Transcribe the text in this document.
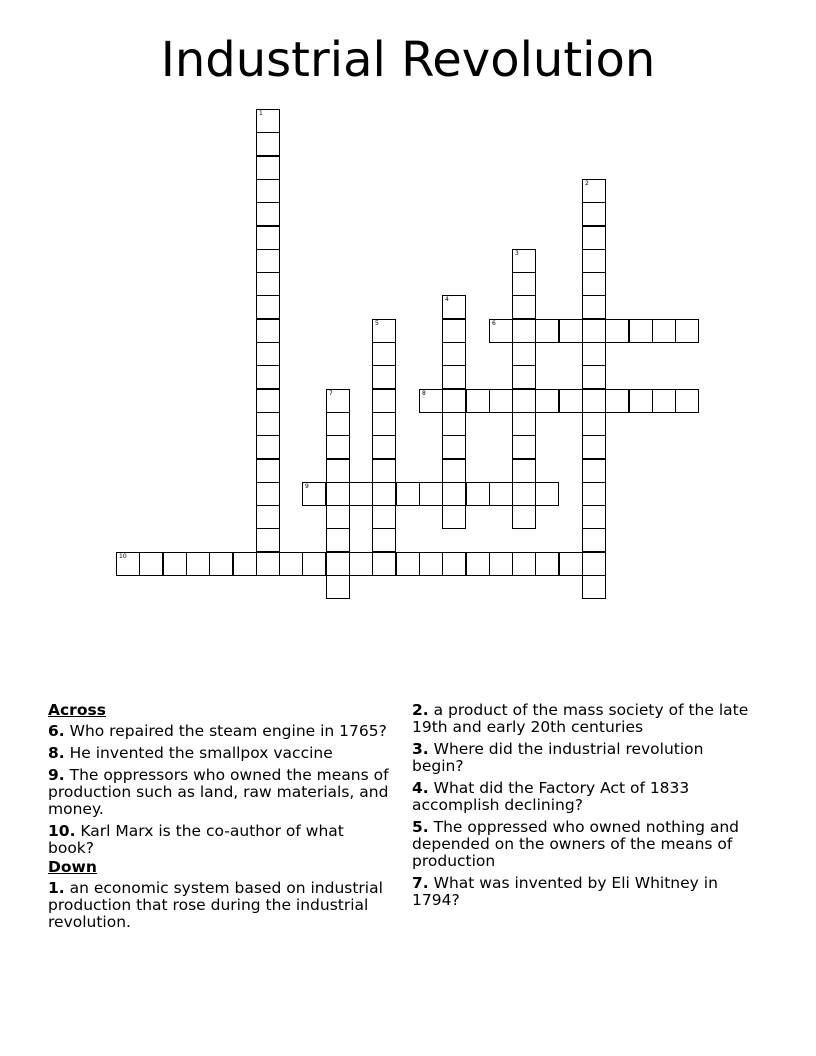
Industrial Revolution
1
2
3
4
5	6
7	8
9
10
Across
6. Who repaired the steam engine in 1765?
8. He invented the smallpox vaccine
9. The oppressors who owned the means of production such as land, raw materials, and money.
10. Karl Marx is the co-author of what book?
Down
1. an economic system based on industrial production that rose during the industrial revolution.
2. a product of the mass society of the late 19th and early 20th centuries
3. Where did the industrial revolution begin?
4. What did the Factory Act of 1833 accomplish declining?
5. The oppressed who owned nothing and depended on the owners of the means of production
7. What was invented by Eli Whitney in 1794?
